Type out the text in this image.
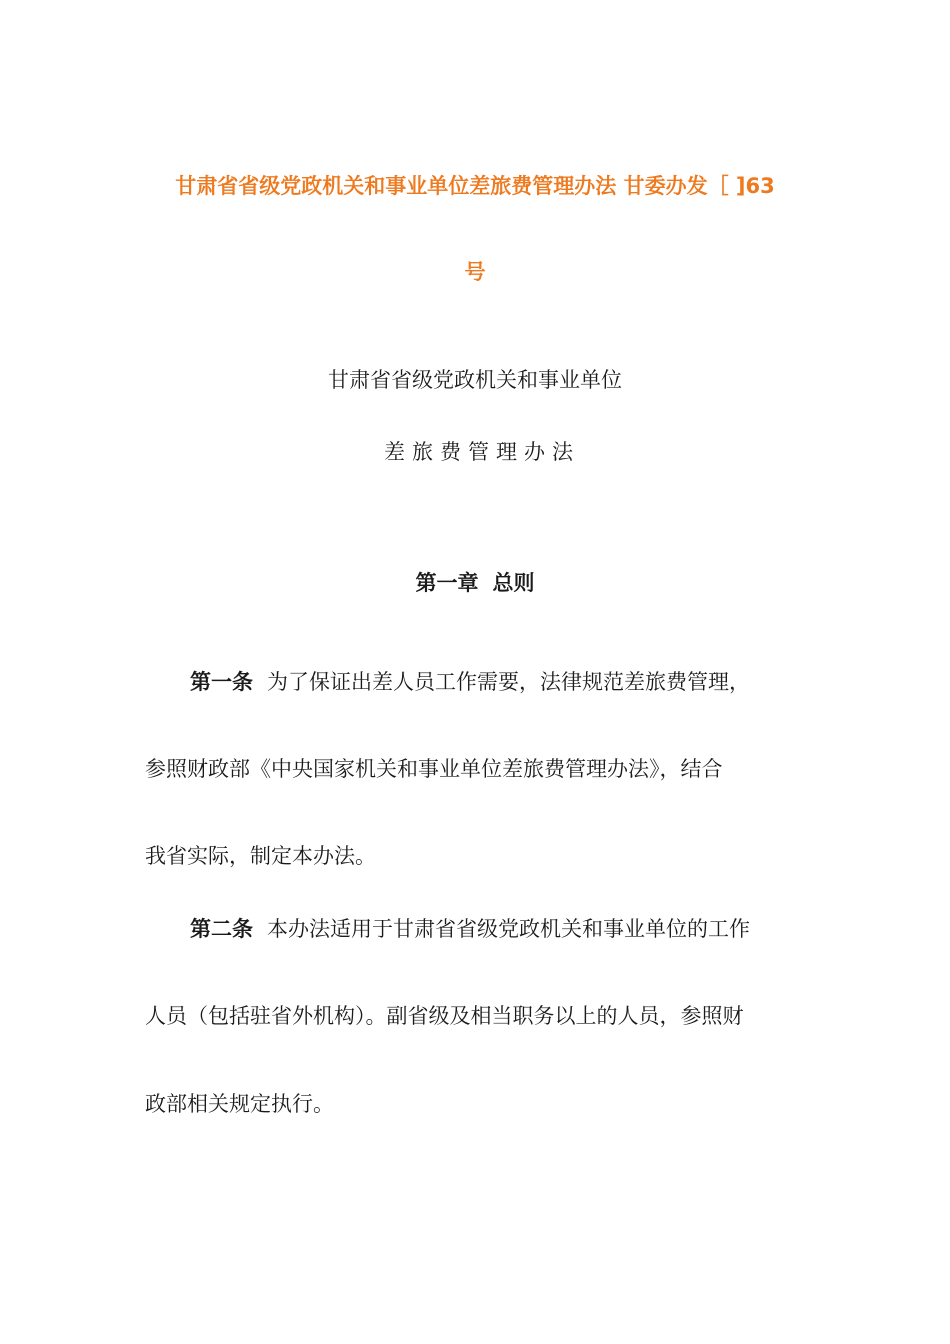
甘肃省省级党政机关和事业单位差旅费管理办法 甘委办发［ ]63
号
甘肃省省级党政机关和事业单位
差旅费管理办法
第一章 总则
第一条 为了保证出差人员工作需要，法律规范差旅费管理，
参照财政部《中央国家机关和事业单位差旅费管理办法》，结合
我省实际，制定本办法。
第二条 本办法适用于甘肃省省级党政机关和事业单位的工作
人员（包括驻省外机构）。副省级及相当职务以上的人员，参照财
政部相关规定执行。
